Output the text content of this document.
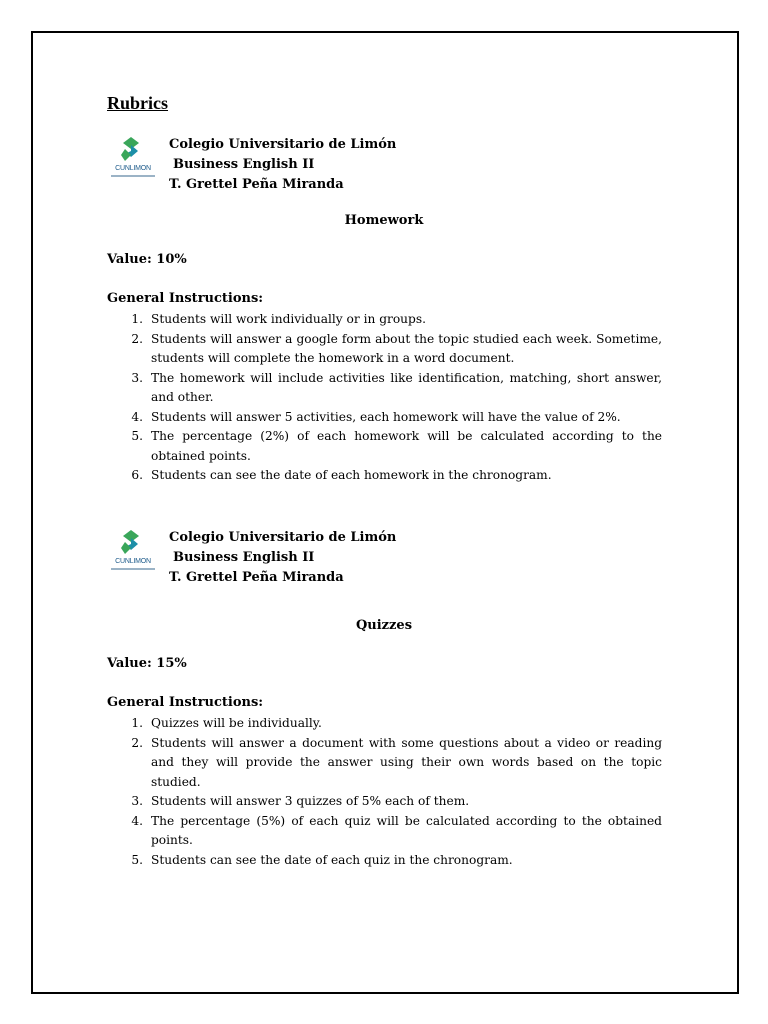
Rubrics
CUNLIMON
Colegio Universitario de Limón
Business English II
T. Grettel Peña Miranda
Homework
Value: 10%
General Instructions:
1. Students will work individually or in groups.
2. Students will answer a google form about the topic studied each week. Sometime, students will complete the homework in a word document.
3. The homework will include activities like identification, matching, short answer, and other.
4. Students will answer 5 activities, each homework will have the value of 2%.
5. The percentage (2%) of each homework will be calculated according to the obtained points.
6. Students can see the date of each homework in the chronogram.
CUNLIMON
Colegio Universitario de Limón
Business English II
T. Grettel Peña Miranda
Quizzes
Value: 15%
General Instructions:
1. Quizzes will be individually.
2. Students will answer a document with some questions about a video or reading and they will provide the answer using their own words based on the topic studied.
3. Students will answer 3 quizzes of 5% each of them.
4. The percentage (5%) of each quiz will be calculated according to the obtained points.
5. Students can see the date of each quiz in the chronogram.
